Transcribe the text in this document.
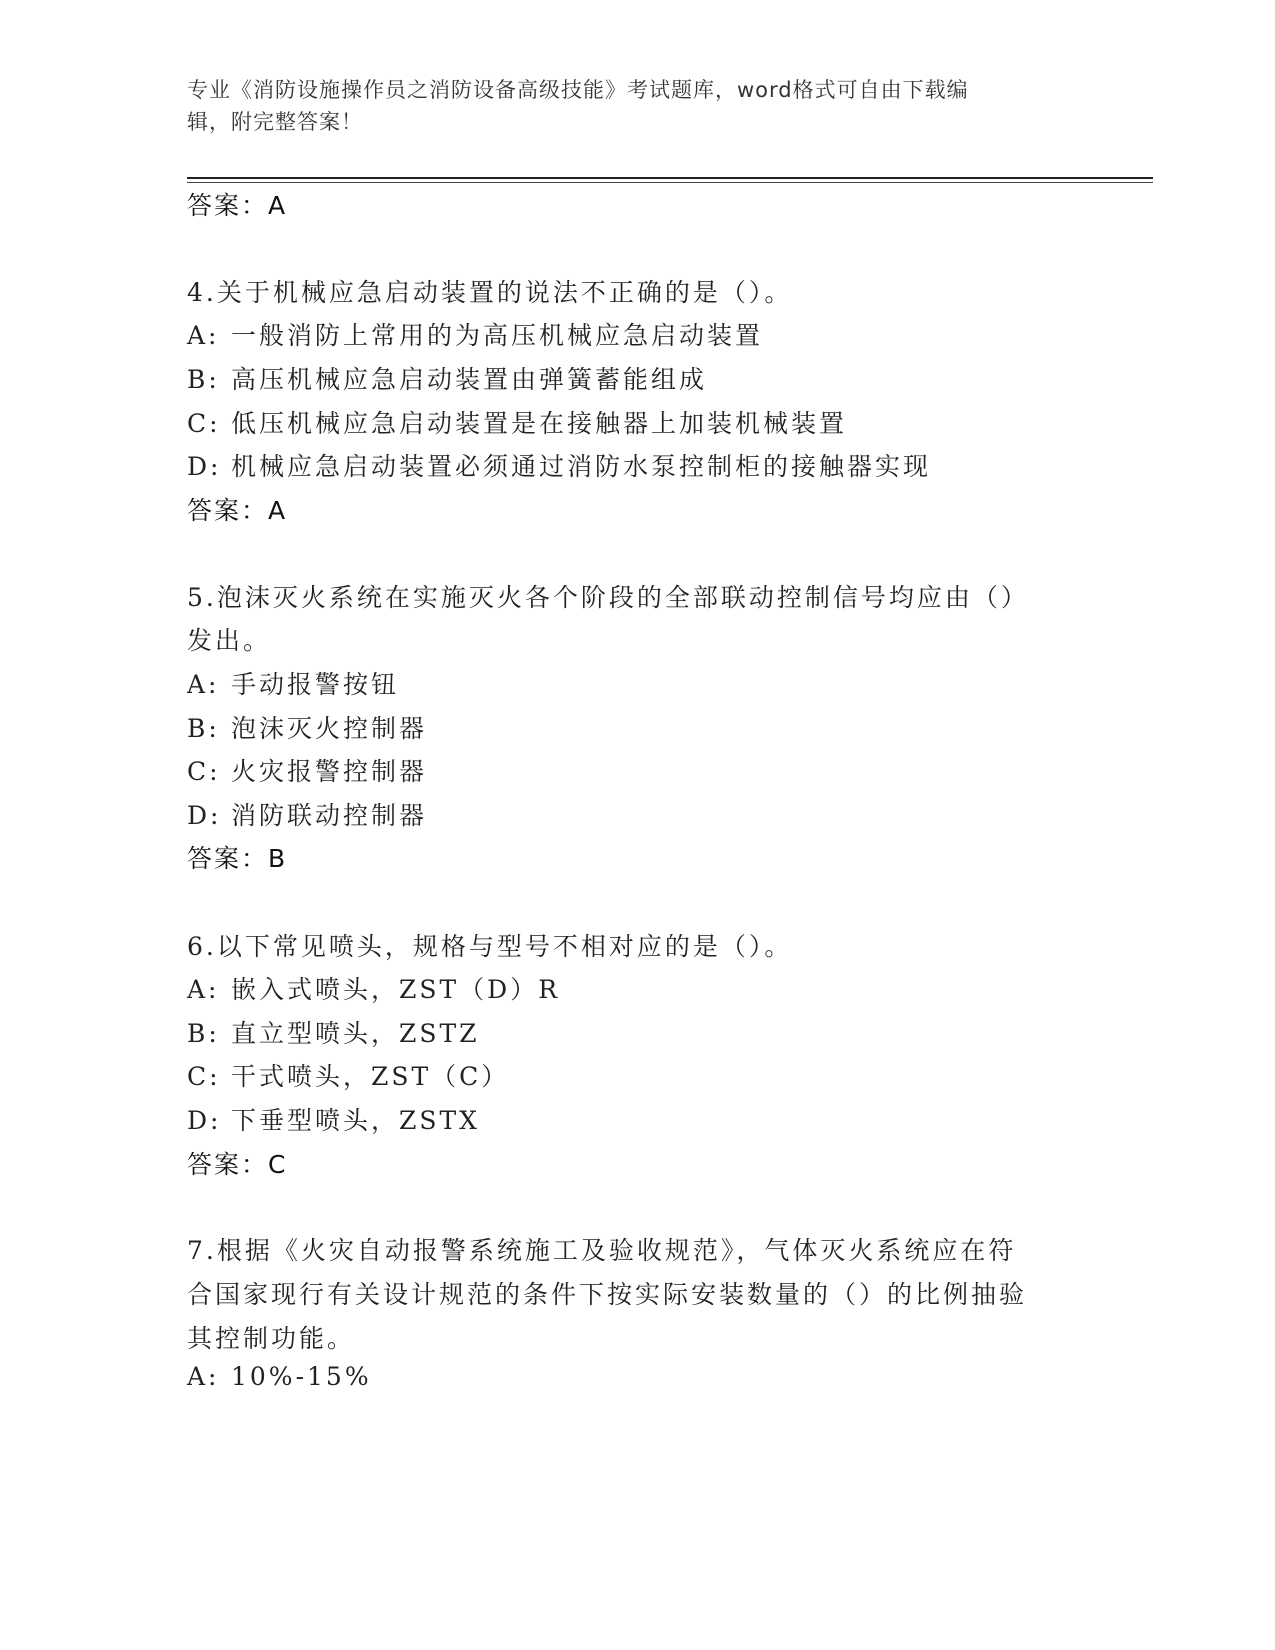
专业《消防设施操作员之消防设备高级技能》考试题库，word格式可自由下载编
辑，附完整答案！
答案：A
4.关于机械应急启动装置的说法不正确的是（）。
A: 一般消防上常用的为高压机械应急启动装置
B: 高压机械应急启动装置由弹簧蓄能组成
C: 低压机械应急启动装置是在接触器上加装机械装置
D: 机械应急启动装置必须通过消防水泵控制柜的接触器实现
答案：A
5.泡沫灭火系统在实施灭火各个阶段的全部联动控制信号均应由（）
发出。
A: 手动报警按钮
B: 泡沫灭火控制器
C: 火灾报警控制器
D: 消防联动控制器
答案：B
6.以下常见喷头，规格与型号不相对应的是（）。
A: 嵌入式喷头，ZST（D）R
B: 直立型喷头，ZSTZ
C: 干式喷头，ZST（C）
D: 下垂型喷头，ZSTX
答案：C
7.根据《火灾自动报警系统施工及验收规范》，气体灭火系统应在符
合国家现行有关设计规范的条件下按实际安装数量的（）的比例抽验
其控制功能。
A: 10%-15%
